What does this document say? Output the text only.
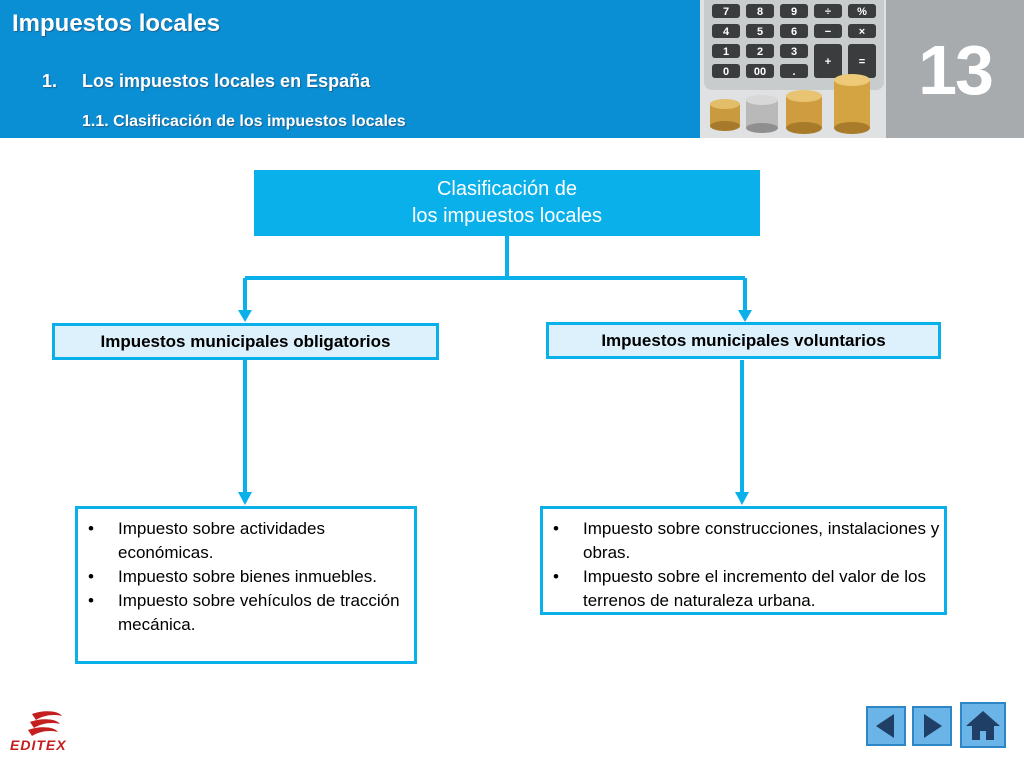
Impuestos locales
1. Los impuestos locales en España
1.1. Clasificación de los impuestos locales
7	8	9
4	5	6
1	2	3
0 00 .
÷ %
−	×
+	= 13
Clasificación de
los impuestos locales
Impuestos municipales obligatorios	Impuestos municipales voluntarios
• Impuesto sobre actividades económicas.
• Impuesto sobre bienes inmuebles.
• Impuesto sobre vehículos de tracción mecánica.
• Impuesto sobre construcciones, instalaciones y obras.
• Impuesto sobre el incremento del valor de los terrenos de naturaleza urbana.
EDITEX
